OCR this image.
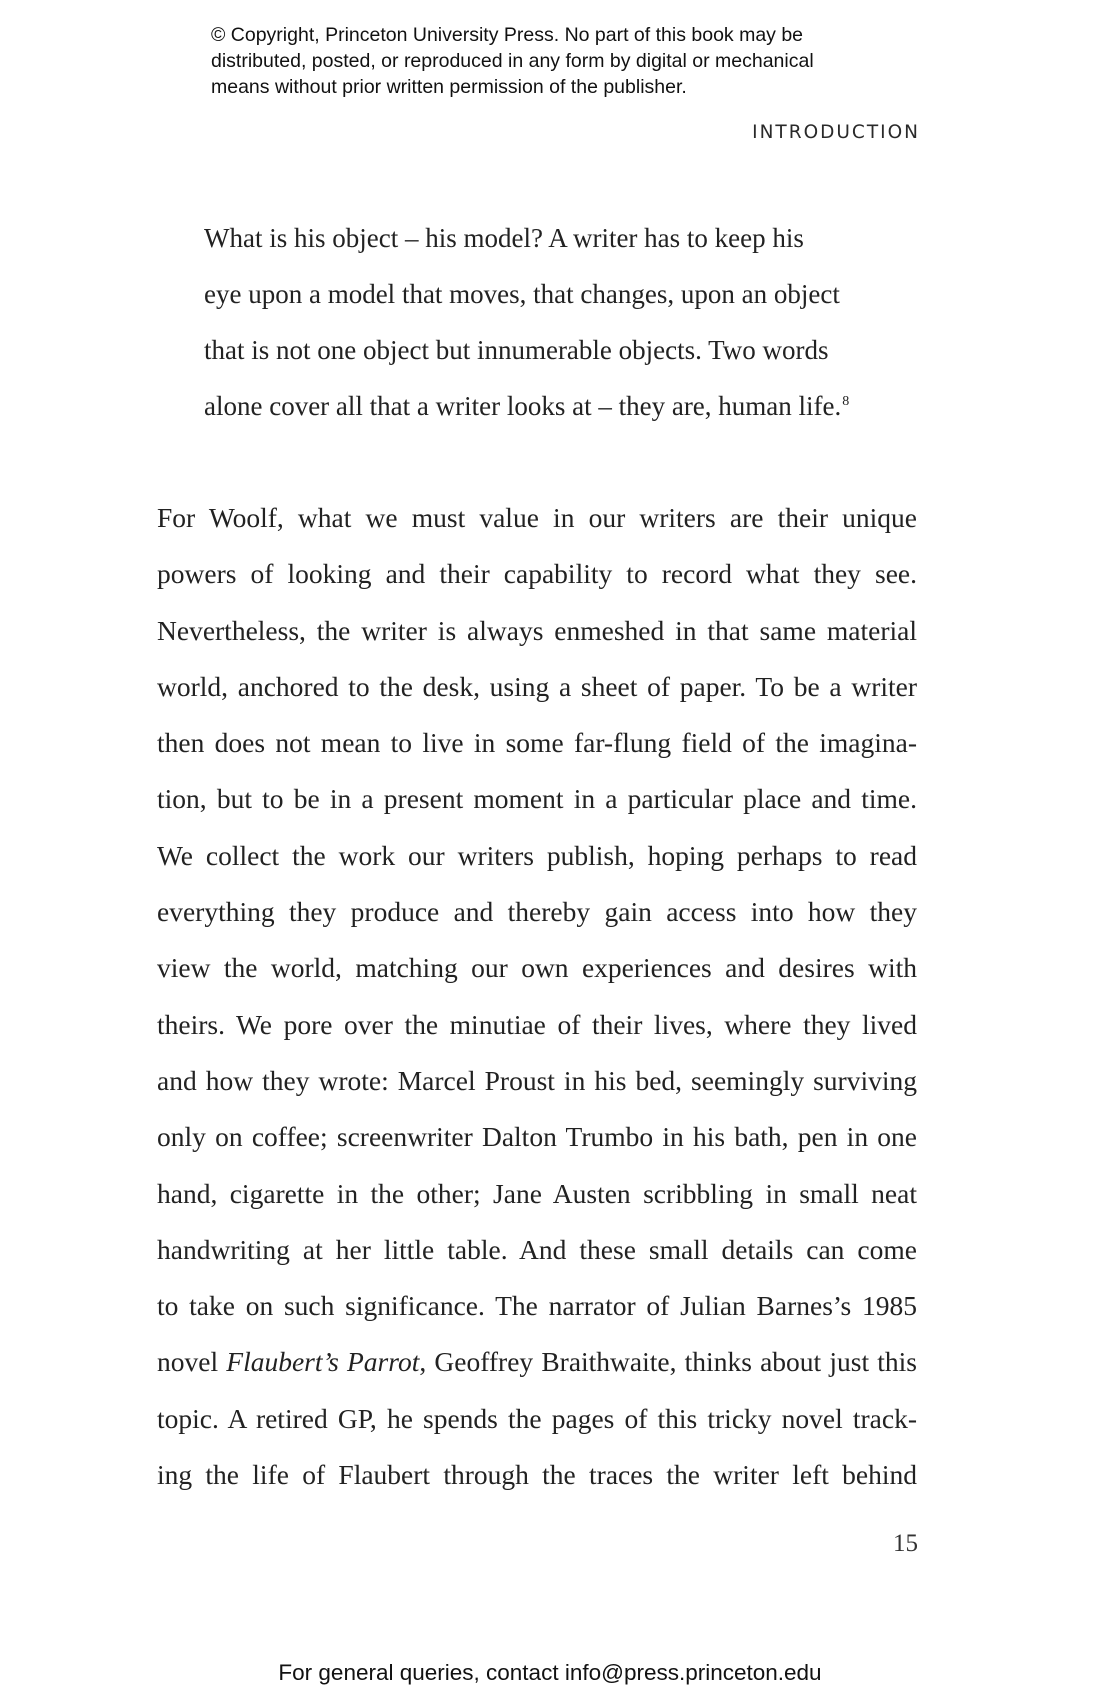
© Copyright, Princeton University Press. No part of this book may be
distributed, posted, or reproduced in any form by digital or mechanical
means without prior written permission of the publisher.
INTRODUCTION
What is his object – his model? A writer has to keep his
eye upon a model that moves, that changes, upon an object
that is not one object but innumerable objects. Two words
alone cover all that a writer looks at – they are, human life.$^8$
For Woolf, what we must value in our writers are their unique
powers of looking and their capability to record what they see.
Nevertheless, the writer is always enmeshed in that same material
world, anchored to the desk, using a sheet of paper. To be a writer
then does not mean to live in some far-flung field of the imagina-
tion, but to be in a present moment in a particular place and time.
We collect the work our writers publish, hoping perhaps to read
everything they produce and thereby gain access into how they
view the world, matching our own experiences and desires with
theirs. We pore over the minutiae of their lives, where they lived
and how they wrote: Marcel Proust in his bed, seemingly surviving
only on coffee; screenwriter Dalton Trumbo in his bath, pen in one
hand, cigarette in the other; Jane Austen scribbling in small neat
handwriting at her little table. And these small details can come
to take on such significance. The narrator of Julian Barnes’s 1985
novel Flaubert’s Parrot, Geoffrey Braithwaite, thinks about just this
topic. A retired GP, he spends the pages of this tricky novel track-
ing the life of Flaubert through the traces the writer left behind
15
For general queries, contact info@press.princeton.edu
